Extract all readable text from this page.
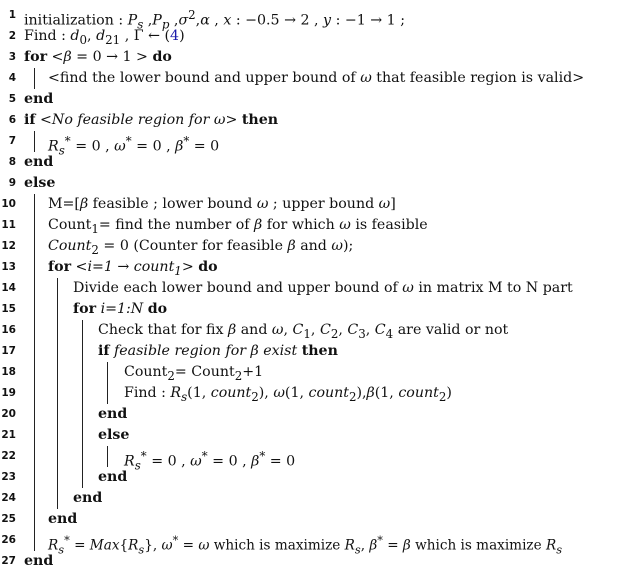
1 initialization : $P_s$ $,P_p$ $,\sigma^2,\alpha$ , x : −0.5 → 2 , y : −1 → 1 ;
2 Find : $d_0$, $d_{21}$ , Γ ← (4)
3 for <β = 0 → 1 > do
4 <find the lower bound and upper bound of ω that feasible region is valid>
5 end
6 if <No feasible region for ω> then
7 $R_s^* = 0$ , ω* = 0 , β* = 0
8 end
9 else
10 M=[β feasible ; lower bound ω ; upper bound ω]
11 Count$_1$= find the number of β for which ω is feasible
12 Count$_2$ = 0 (Counter for feasible β and ω);
13 for <i=1 → count$_1$> do
14	Divide each lower bound and upper bound of ω in matrix M to N part
15	for i=1:N do
16	Check that for fix β and ω, $C_1$, $C_2$, $C_3$, $C_4$ are valid or not
17	if feasible region for β exist then
18	Count$_2$= Count$_2$+1
19	Find : $R_s(1$, count$_2$), ω(1, count$_2$),β(1, count$_2$)
20	end
21	else
22	$R_s^* = 0$ , ω* = 0 , β* = 0
23	end
24	end
25 end
26 $R_s^* = Max\{R_s\}$, ω* = ω which is maximize $R_s$, β* = β which is maximize $R_s$
27 end
